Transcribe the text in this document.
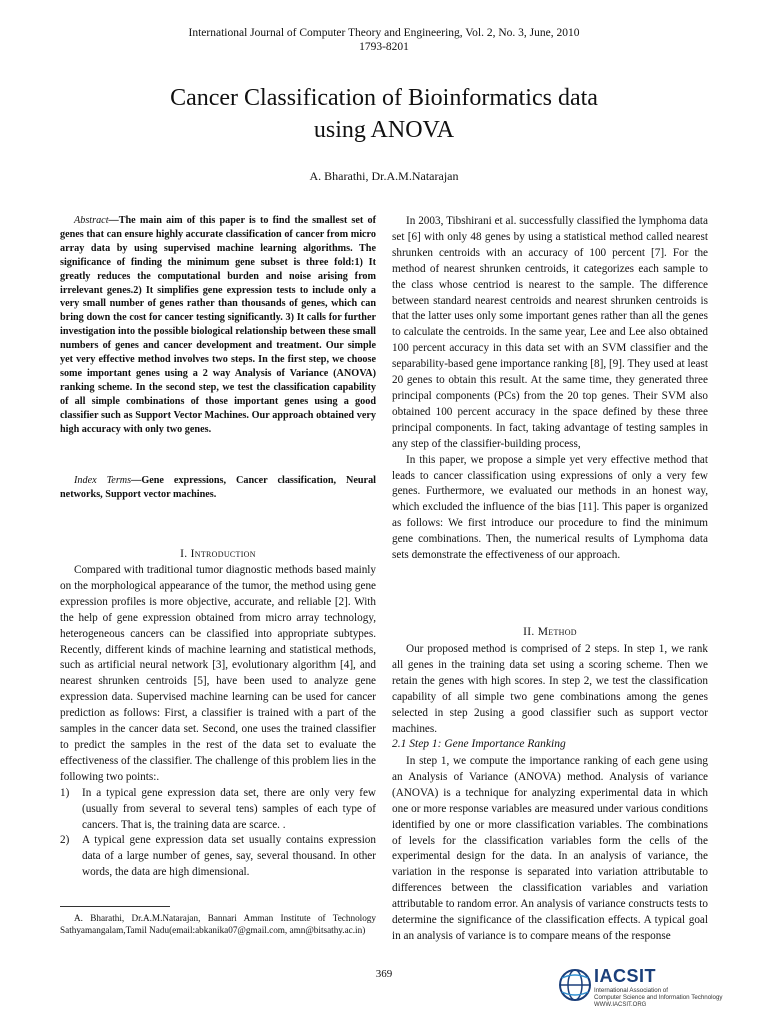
International Journal of Computer Theory and Engineering, Vol. 2, No. 3, June, 2010
1793-8201
Cancer Classification of Bioinformatics data
using ANOVA
A. Bharathi, Dr.A.M.Natarajan

Abstract—The main aim of this paper is to find the smallest set of genes that can ensure highly accurate classification of cancer from micro array data by using supervised machine learning algorithms. The significance of finding the minimum gene subset is three fold:1) It greatly reduces the computational burden and noise arising from irrelevant genes.2) It simplifies gene expression tests to include only a very small number of genes rather than thousands of genes, which can bring down the cost for cancer testing significantly. 3) It calls for further investigation into the possible biological relationship between these small numbers of genes and cancer development and treatment. Our simple yet very effective method involves two steps. In the first step, we choose some important genes using a 2 way Analysis of Variance (ANOVA) ranking scheme. In the second step, we test the classification capability of all simple combinations of those important genes using a good classifier such as Support Vector Machines. Our approach obtained very high accuracy with only two genes.

Index Terms—Gene expressions, Cancer classification, Neural networks, Support vector machines.

I. Introduction

Compared with traditional tumor diagnostic methods based mainly on the morphological appearance of the tumor, the method using gene expression profiles is more objective, accurate, and reliable [2]. With the help of gene expression obtained from micro array technology, heterogeneous cancers can be classified into appropriate subtypes. Recently, different kinds of machine learning and statistical methods, such as artificial neural network [3], evolutionary algorithm [4], and nearest shrunken centroids [5], have been used to analyze gene expression data. Supervised machine learning can be used for cancer prediction as follows: First, a classifier is trained with a part of the samples in the cancer data set. Second, one uses the trained classifier to predict the samples in the rest of the data set to evaluate the effectiveness of the classifier. The challenge of this problem lies in the following two points:.

1)	In a typical gene expression data set, there are only very few (usually from several to several tens) samples of each type of cancers. That is, the training data are scarce. .
2)	A typical gene expression data set usually contains expression data of a large number of genes, say, several thousand. In other words, the data are high dimensional.

In 2003, Tibshirani et al. successfully classified the lymphoma data set [6] with only 48 genes by using a statistical method called nearest shrunken centroids with an accuracy of 100 percent [7]. For the method of nearest shrunken centroids, it categorizes each sample to the class whose centriod is nearest to the sample. The difference between standard nearest centroids and nearest shrunken centroids is that the latter uses only some important genes rather than all the genes to calculate the centroids. In the same year, Lee and Lee also obtained 100 percent accuracy in this data set with an SVM classifier and the separability-based gene importance ranking [8], [9]. They used at least 20 genes to obtain this result. At the same time, they generated three principal components (PCs) from the 20 top genes. Their SVM also obtained 100 percent accuracy in the space defined by these three principal components. In fact, taking advantage of testing samples in any step of the classifier-building process,

In this paper, we propose a simple yet very effective method that leads to cancer classification using expressions of only a very few genes. Furthermore, we evaluated our methods in an honest way, which excluded the influence of the bias [11]. This paper is organized as follows: We first introduce our procedure to find the minimum gene combinations. Then, the numerical results of Lymphoma data sets demonstrate the effectiveness of our approach.

II. Method

Our proposed method is comprised of 2 steps. In step 1, we rank all genes in the training data set using a scoring scheme. Then we retain the genes with high scores. In step 2, we test the classification capability of all simple two gene combinations among the genes selected in step 2using a good classifier such as support vector machines.

2.1 Step 1: Gene Importance Ranking

In step 1, we compute the importance ranking of each gene using an Analysis of Variance (ANOVA) method. Analysis of variance (ANOVA) is a technique for analyzing experimental data in which one or more response variables are measured under various conditions identified by one or more classification variables. The combinations of levels for the classification variables form the cells of the experimental design for the data. In an analysis of variance, the variation in the response is separated into variation attributable to differences between the classification variables and variation attributable to random error. An analysis of variance constructs tests to determine the significance of the classification effects. A typical goal in an analysis of variance is to compare means of the response

A. Bharathi, Dr.A.M.Natarajan, Bannari Amman Institute of Technology Sathyamangalam,Tamil Nadu(email:abkanika07@gmail.com, amn@bitsathy.ac.in)

369	IACSIT
International Association of
Computer Science and Information Technology
WWW.IACSIT.ORG
